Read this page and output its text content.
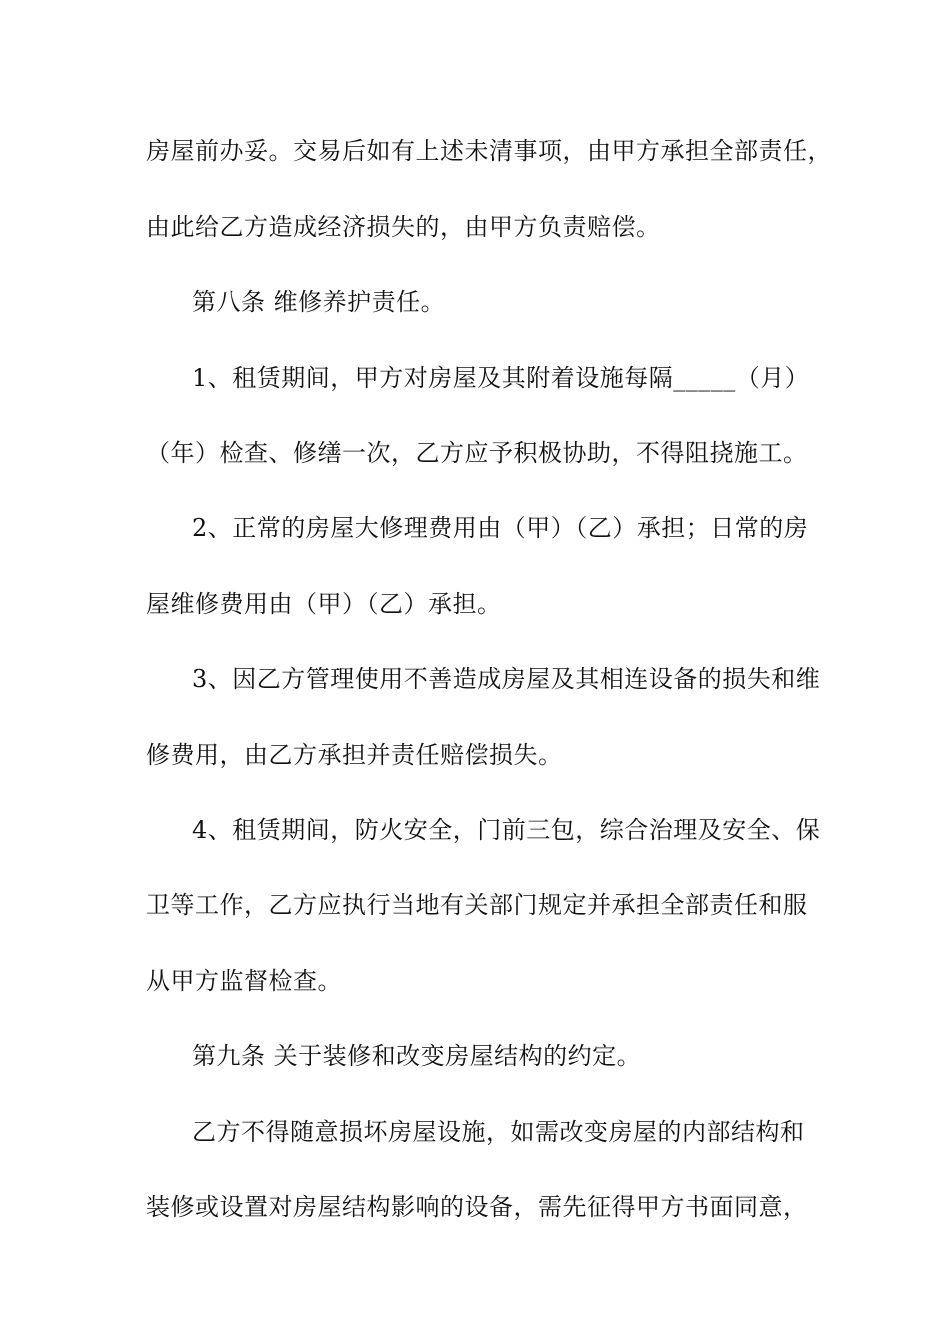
房屋前办妥。交易后如有上述未清事项，由甲方承担全部责任，
由此给乙方造成经济损失的，由甲方负责赔偿。
第八条 维修养护责任。
1、租赁期间，甲方对房屋及其附着设施每隔_____（月）
（年）检查、修缮一次，乙方应予积极协助，不得阻挠施工。
2、正常的房屋大修理费用由（甲）（乙）承担；日常的房
屋维修费用由（甲）（乙）承担。
3、因乙方管理使用不善造成房屋及其相连设备的损失和维
修费用，由乙方承担并责任赔偿损失。
4、租赁期间，防火安全，门前三包，综合治理及安全、保
卫等工作，乙方应执行当地有关部门规定并承担全部责任和服
从甲方监督检查。
第九条 关于装修和改变房屋结构的约定。
乙方不得随意损坏房屋设施，如需改变房屋的内部结构和
装修或设置对房屋结构影响的设备，需先征得甲方书面同意，
